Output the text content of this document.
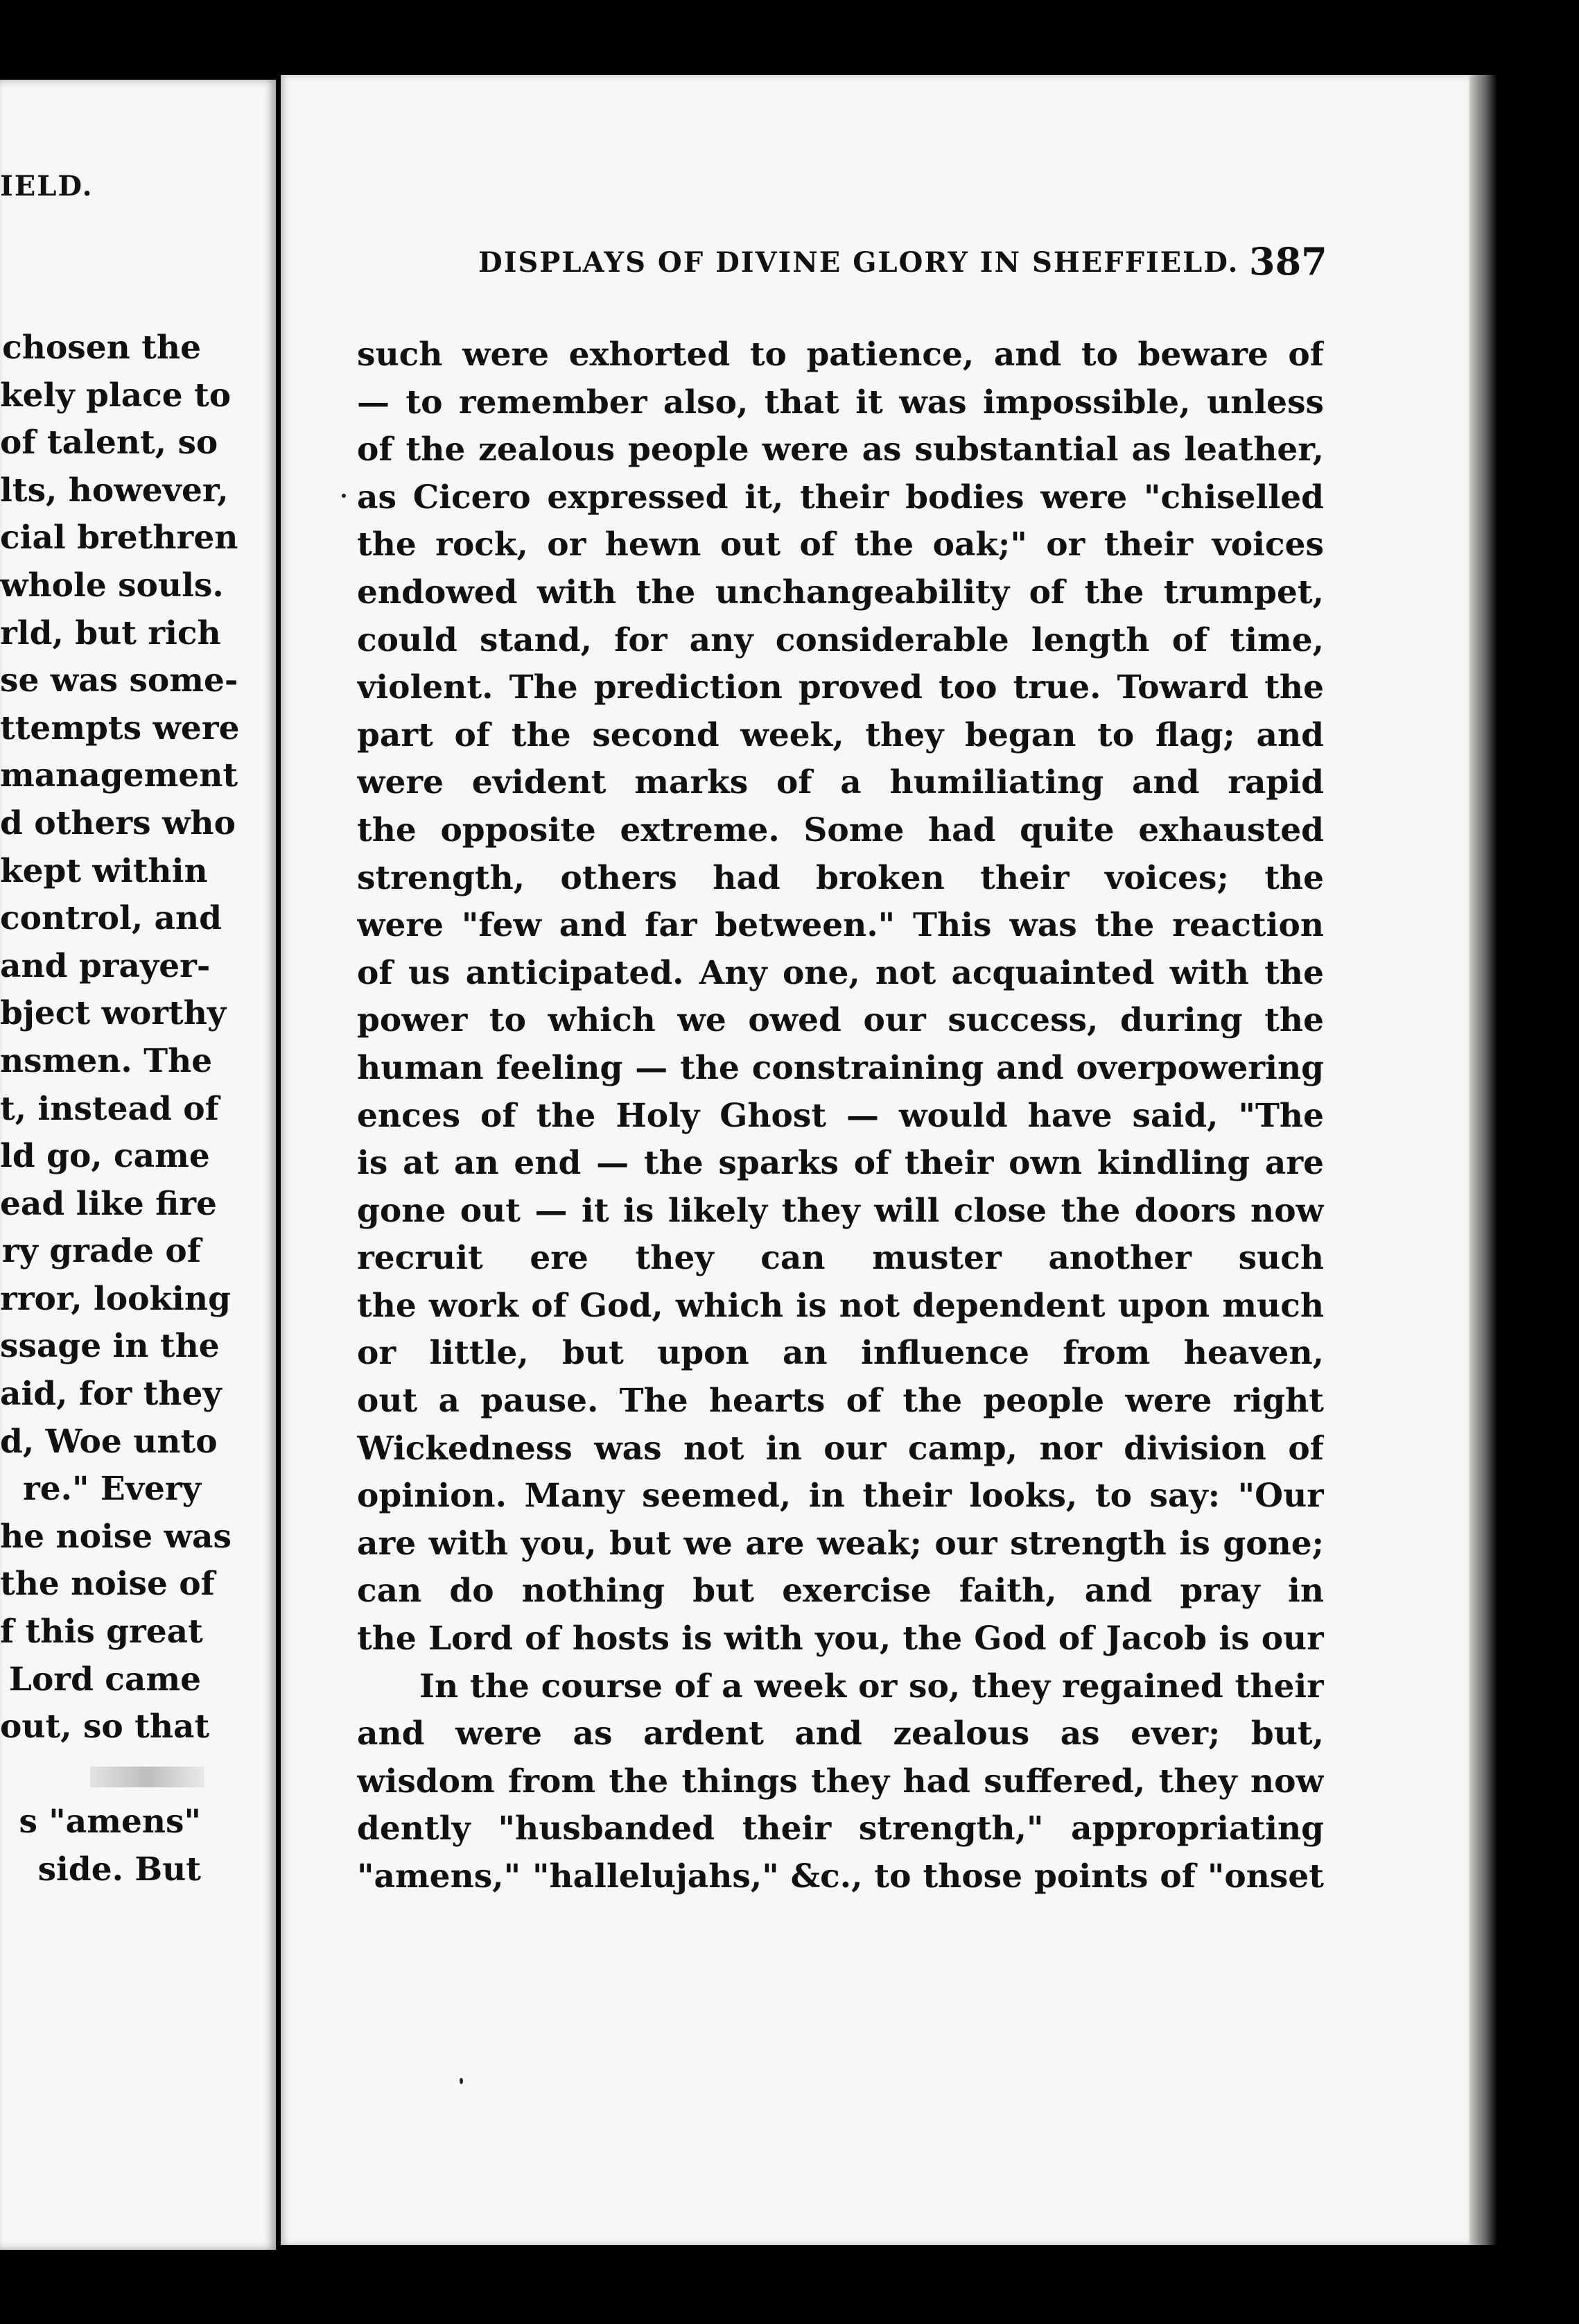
IELD.
DISPLAYS OF DIVINE GLORY IN SHEFFIELD. 387
chosen the
kely place to
of talent, so
lts, however,
cial brethren
whole souls.
rld, but rich
se was some-
ttempts were
management
d others who
kept within
control, and
and prayer-
bject worthy
nsmen. The
t, instead of
ld go, came
ead like fire
ry grade of
rror, looking
ssage in the
aid, for they
d, Woe unto
re." Every
he noise was
the noise of
f this great
Lord came
out, so that
s "amens"
side. But
such were exhorted to patience, and to beware of
— to remember also, that it was impossible, unless
of the zealous people were as substantial as leather,
as Cicero expressed it, their bodies were "chiselled
the rock, or hewn out of the oak;" or their voices
endowed with the unchangeability of the trumpet,
could stand, for any considerable length of time,
violent. The prediction proved too true. Toward the
part of the second week, they began to flag; and
were evident marks of a humiliating and rapid
the opposite extreme. Some had quite exhausted
strength, others had broken their voices; the
were "few and far between." This was the reaction
of us anticipated. Any one, not acquainted with the
power to which we owed our success, during the
human feeling — the constraining and overpowering
ences of the Holy Ghost — would have said, "The
is at an end — the sparks of their own kindling are
gone out — it is likely they will close the doors now
recruit ere they can muster another such
the work of God, which is not dependent upon much
or little, but upon an influence from heaven,
out a pause. The hearts of the people were right
Wickedness was not in our camp, nor division of
opinion. Many seemed, in their looks, to say: "Our
are with you, but we are weak; our strength is gone;
can do nothing but exercise faith, and pray in
the Lord of hosts is with you, the God of Jacob is our
In the course of a week or so, they regained their
and were as ardent and zealous as ever; but,
wisdom from the things they had suffered, they now
dently "husbanded their strength," appropriating
"amens," "hallelujahs," &c., to those points of "onset
